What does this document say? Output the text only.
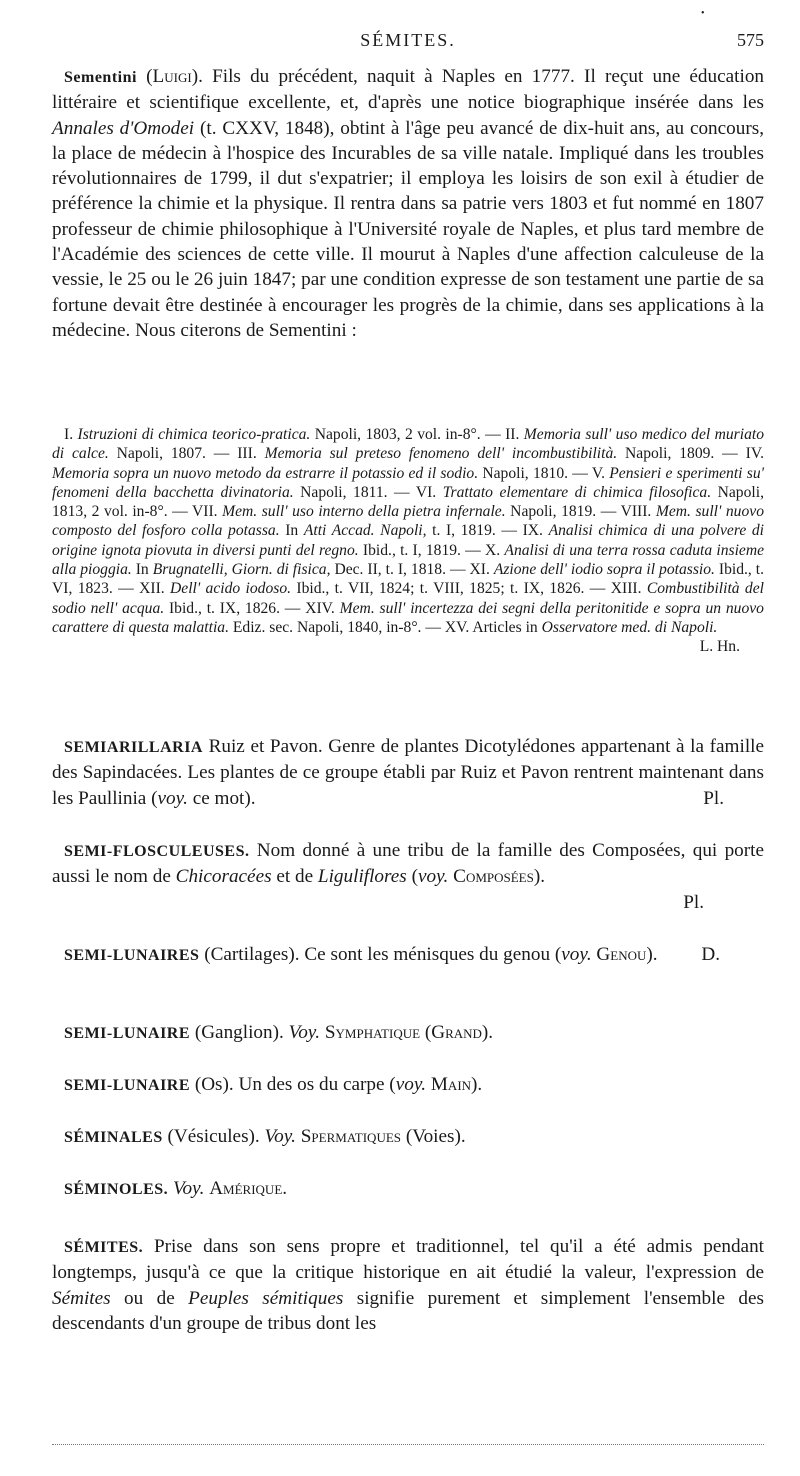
•
SÉMITES.	575
Sementini (Luigi). Fils du précédent, naquit à Naples en 1777. Il reçut une éducation littéraire et scientifique excellente, et, d'après une notice biographique insérée dans les Annales d'Omodei (t. CXXV, 1848), obtint à l'âge peu avancé de dix-huit ans, au concours, la place de médecin à l'hospice des Incurables de sa ville natale. Impliqué dans les troubles révolutionnaires de 1799, il dut s'expatrier; il employa les loisirs de son exil à étudier de préférence la chimie et la physique. Il rentra dans sa patrie vers 1803 et fut nommé en 1807 professeur de chimie philosophique à l'Université royale de Naples, et plus tard membre de l'Académie des sciences de cette ville. Il mourut à Naples d'une affection calculeuse de la vessie, le 25 ou le 26 juin 1847; par une condition expresse de son testament une partie de sa fortune devait être destinée à encourager les progrès de la chimie, dans ses applications à la médecine. Nous citerons de Sementini :
I. Istruzioni di chimica teorico-pratica. Napoli, 1803, 2 vol. in-8°. — II. Memoria sull' uso medico del muriato di calce. Napoli, 1807. — III. Memoria sul preteso fenomeno dell' incombustibilità. Napoli, 1809. — IV. Memoria sopra un nuovo metodo da estrarre il potassio ed il sodio. Napoli, 1810. — V. Pensieri e sperimenti su' fenomeni della bacchetta divinatoria. Napoli, 1811. — VI. Trattato elementare di chimica filosofica. Napoli, 1813, 2 vol. in-8°. — VII. Mem. sull' uso interno della pietra infernale. Napoli, 1819. — VIII. Mem. sull' nuovo composto del fosforo colla potassa. In Atti Accad. Napoli, t. I, 1819. — IX. Analisi chimica di una polvere di origine ignota piovuta in diversi punti del regno. Ibid., t. I, 1819. — X. Analisi di una terra rossa caduta insieme alla pioggia. In Brugnatelli, Giorn. di fisica, Dec. II, t. I, 1818. — XI. Azione dell' iodio sopra il potassio. Ibid., t. VI, 1823. — XII. Dell' acido iodoso. Ibid., t. VII, 1824; t. VIII, 1825; t. IX, 1826. — XIII. Combustibilità del sodio nell' acqua. Ibid., t. IX, 1826. — XIV. Mem. sull' incertezza dei segni della peritonitide e sopra un nuovo carattere di questa malattia. Ediz. sec. Napoli, 1840, in-8°. — XV. Articles in Osservatore med. di Napoli.
L. Hn.
SEMIARILLARIA Ruiz et Pavon. Genre de plantes Dicotylédones appartenant à la famille des Sapindacées. Les plantes de ce groupe établi par Ruiz et Pavon rentrent maintenant dans les Paullinia (voy. ce mot).	Pl.
SEMI-FLOSCULEUSES. Nom donné à une tribu de la famille des Composées, qui porte aussi le nom de Chicoracées et de Liguliflores (voy. Composées).
Pl.
SEMI-LUNAIRES (Cartilages). Ce sont les ménisques du genou (voy. Genou).	D.
SEMI-LUNAIRE (Ganglion). Voy. Symphatique (Grand).
SEMI-LUNAIRE (Os). Un des os du carpe (voy. Main).
SÉMINALES (Vésicules). Voy. Spermatiques (Voies).
SÉMINOLES. Voy. Amérique.
SÉMITES. Prise dans son sens propre et traditionnel, tel qu'il a été admis pendant longtemps, jusqu'à ce que la critique historique en ait étudié la valeur, l'expression de Sémites ou de Peuples sémitiques signifie purement et simplement l'ensemble des descendants d'un groupe de tribus dont les
